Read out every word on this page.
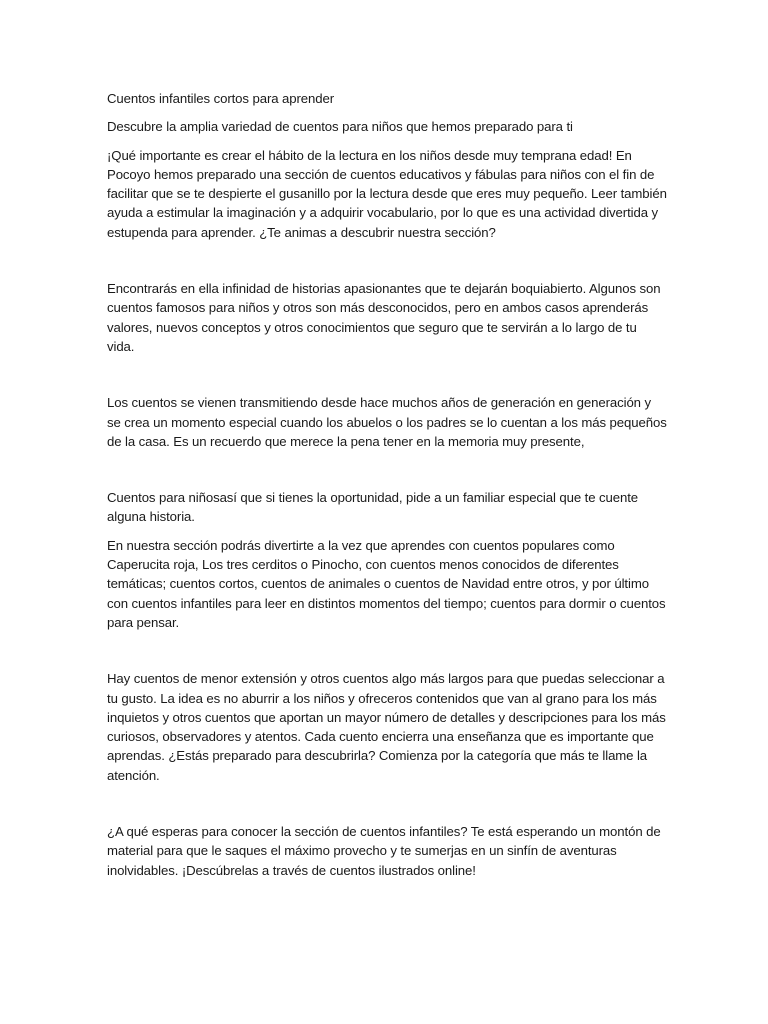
Cuentos infantiles cortos para aprender

Descubre la amplia variedad de cuentos para niños que hemos preparado para ti

¡Qué importante es crear el hábito de la lectura en los niños desde muy temprana edad! En Pocoyo hemos preparado una sección de cuentos educativos y fábulas para niños con el fin de facilitar que se te despierte el gusanillo por la lectura desde que eres muy pequeño. Leer también ayuda a estimular la imaginación y a adquirir vocabulario, por lo que es una actividad divertida y estupenda para aprender. ¿Te animas a descubrir nuestra sección?

Encontrarás en ella infinidad de historias apasionantes que te dejarán boquiabierto. Algunos son cuentos famosos para niños y otros son más desconocidos, pero en ambos casos aprenderás valores, nuevos conceptos y otros conocimientos que seguro que te servirán a lo largo de tu vida.

Los cuentos se vienen transmitiendo desde hace muchos años de generación en generación y se crea un momento especial cuando los abuelos o los padres se lo cuentan a los más pequeños de la casa. Es un recuerdo que merece la pena tener en la memoria muy presente,

Cuentos para niñosasí que si tienes la oportunidad, pide a un familiar especial que te cuente alguna historia.

En nuestra sección podrás divertirte a la vez que aprendes con cuentos populares como Caperucita roja, Los tres cerditos o Pinocho, con cuentos menos conocidos de diferentes temáticas; cuentos cortos, cuentos de animales o cuentos de Navidad entre otros, y por último con cuentos infantiles para leer en distintos momentos del tiempo; cuentos para dormir o cuentos para pensar.

Hay cuentos de menor extensión y otros cuentos algo más largos para que puedas seleccionar a tu gusto. La idea es no aburrir a los niños y ofreceros contenidos que van al grano para los más inquietos y otros cuentos que aportan un mayor número de detalles y descripciones para los más curiosos, observadores y atentos. Cada cuento encierra una enseñanza que es importante que aprendas. ¿Estás preparado para descubrirla? Comienza por la categoría que más te llame la atención.

¿A qué esperas para conocer la sección de cuentos infantiles? Te está esperando un montón de material para que le saques el máximo provecho y te sumerjas en un sinfín de aventuras inolvidables. ¡Descúbrelas a través de cuentos ilustrados online!
